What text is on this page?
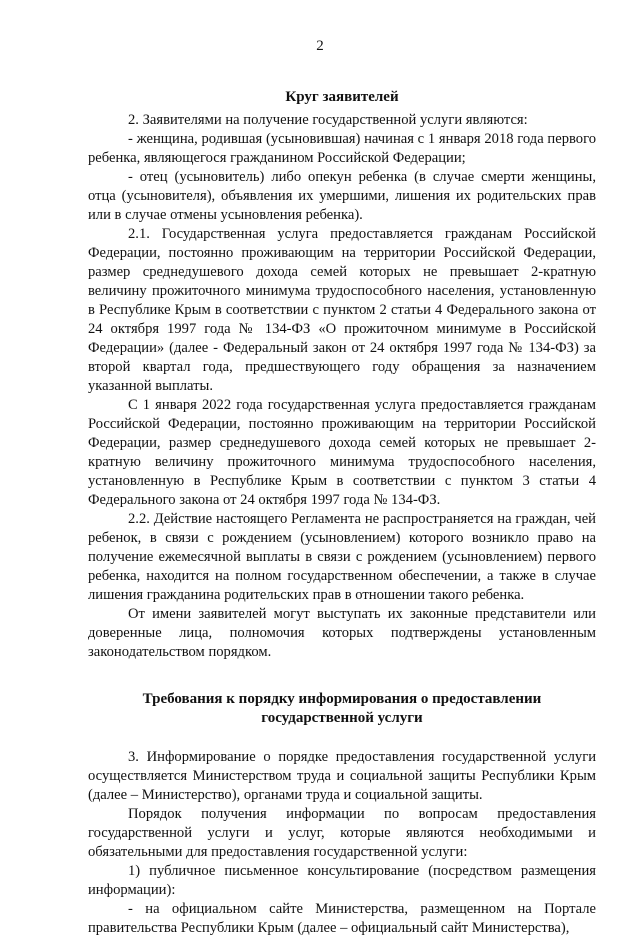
2
Круг заявителей

2. Заявителями на получение государственной услуги являются:

- женщина, родившая (усыновившая) начиная с 1 января 2018 года первого ребенка, являющегося гражданином Российской Федерации;

- отец (усыновитель) либо опекун ребенка (в случае смерти женщины, отца (усыновителя), объявления их умершими, лишения их родительских прав или в случае отмены усыновления ребенка).

2.1. Государственная услуга предоставляется гражданам Российской Федерации, постоянно проживающим на территории Российской Федерации, размер среднедушевого дохода семей которых не превышает 2-кратную величину прожиточного минимума трудоспособного населения, установленную в Республике Крым в соответствии с пунктом 2 статьи 4 Федерального закона от 24 октября 1997 года № 134-ФЗ «О прожиточном минимуме в Российской Федерации» (далее - Федеральный закон от 24 октября 1997 года № 134-ФЗ) за второй квартал года, предшествующего году обращения за назначением указанной выплаты.

С 1 января 2022 года государственная услуга предоставляется гражданам Российской Федерации, постоянно проживающим на территории Российской Федерации, размер среднедушевого дохода семей которых не превышает 2-кратную величину прожиточного минимума трудоспособного населения, установленную в Республике Крым в соответствии с пунктом 3 статьи 4 Федерального закона от 24 октября 1997 года № 134-ФЗ.

2.2. Действие настоящего Регламента не распространяется на граждан, чей ребенок, в связи с рождением (усыновлением) которого возникло право на получение ежемесячной выплаты в связи с рождением (усыновлением) первого ребенка, находится на полном государственном обеспечении, а также в случае лишения гражданина родительских прав в отношении такого ребенка.

От имени заявителей могут выступать их законные представители или доверенные лица, полномочия которых подтверждены установленным законодательством порядком.

Требования к порядку информирования о предоставлении государственной услуги

3. Информирование о порядке предоставления государственной услуги осуществляется Министерством труда и социальной защиты Республики Крым (далее – Министерство), органами труда и социальной защиты.

Порядок получения информации по вопросам предоставления государственной услуги и услуг, которые являются необходимыми и обязательными для предоставления государственной услуги:

1) публичное письменное консультирование (посредством размещения информации):

- на официальном сайте Министерства, размещенном на Портале правительства Республики Крым (далее – официальный сайт Министерства),
